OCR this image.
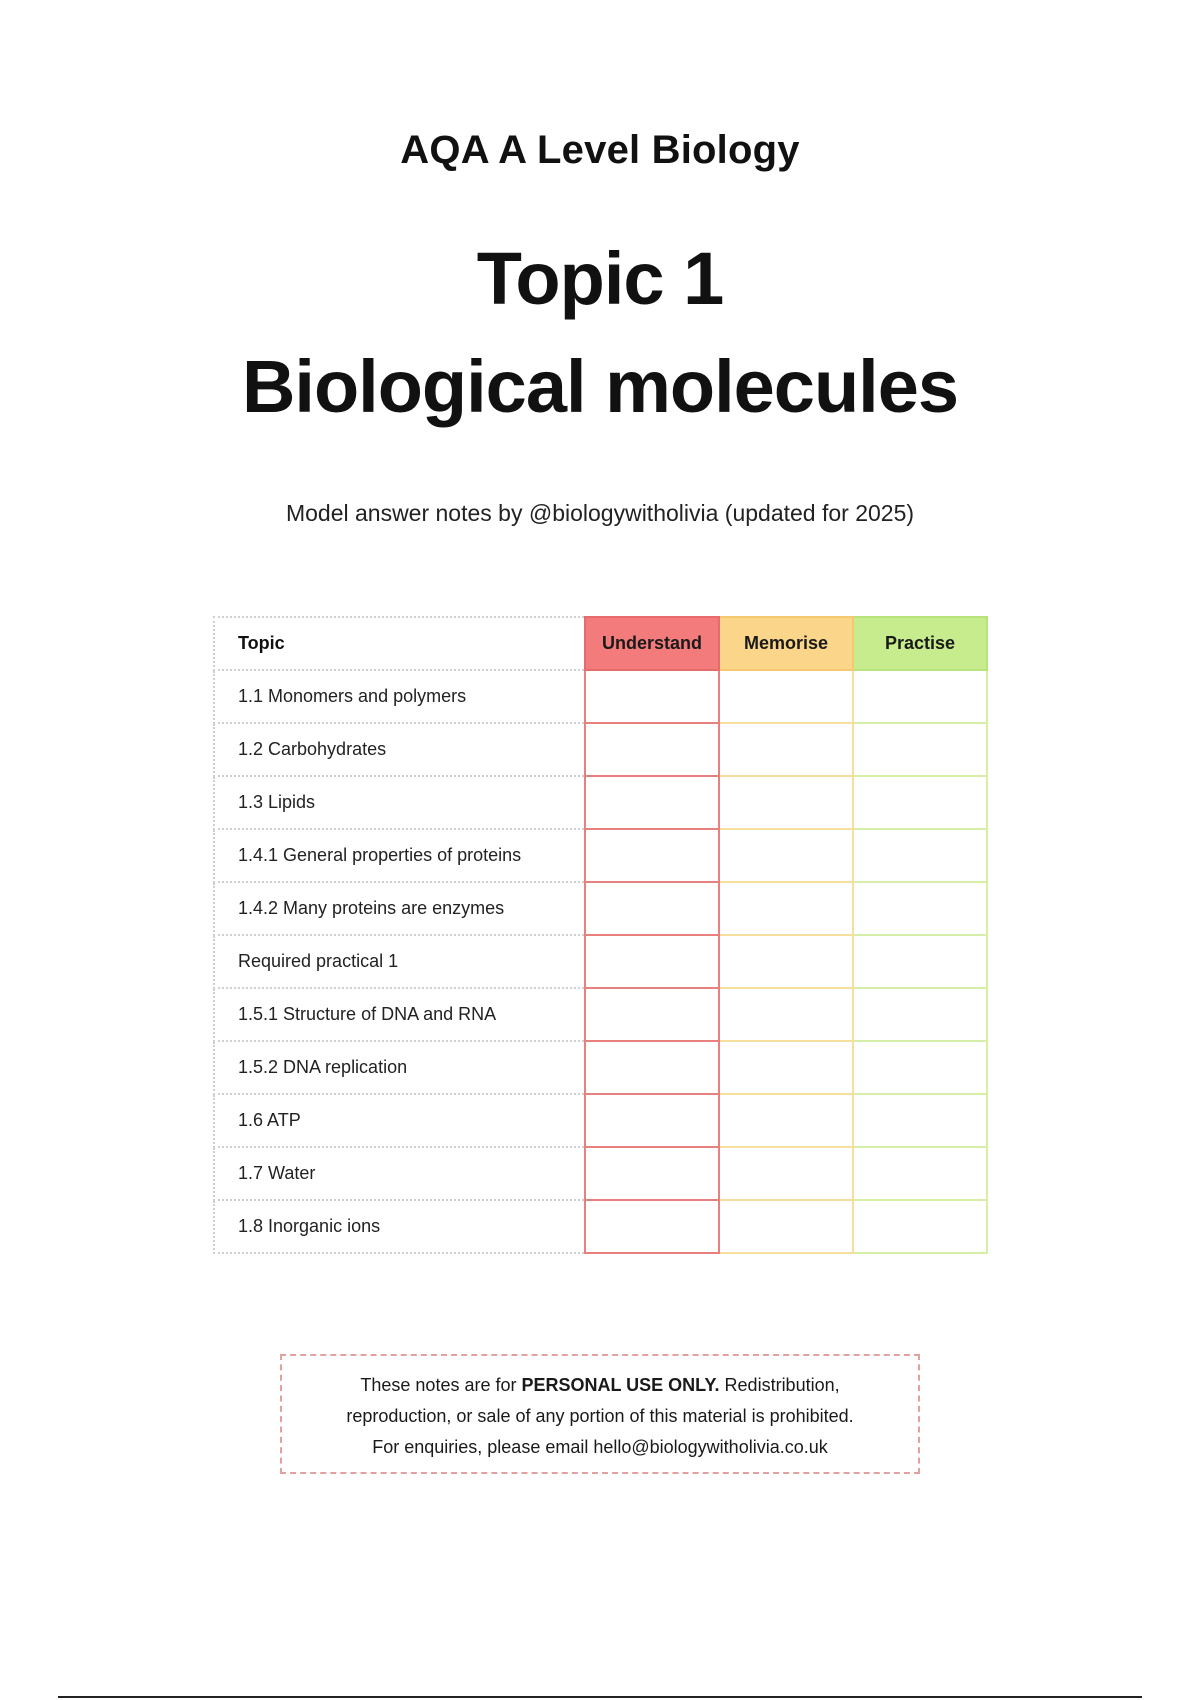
AQA A Level Biology
Topic 1
Biological molecules
Model answer notes by @biologywitholivia (updated for 2025)
Topic	Understand	Memorise	Practise
1.1 Monomers and polymers			
1.2 Carbohydrates			
1.3 Lipids			
1.4.1 General properties of proteins			
1.4.2 Many proteins are enzymes			
Required practical 1			
1.5.1 Structure of DNA and RNA			
1.5.2 DNA replication			
1.6 ATP			
1.7 Water			
1.8 Inorganic ions			
These notes are for PERSONAL USE ONLY. Redistribution,
reproduction, or sale of any portion of this material is prohibited.
For enquiries, please email hello@biologywitholivia.co.uk
